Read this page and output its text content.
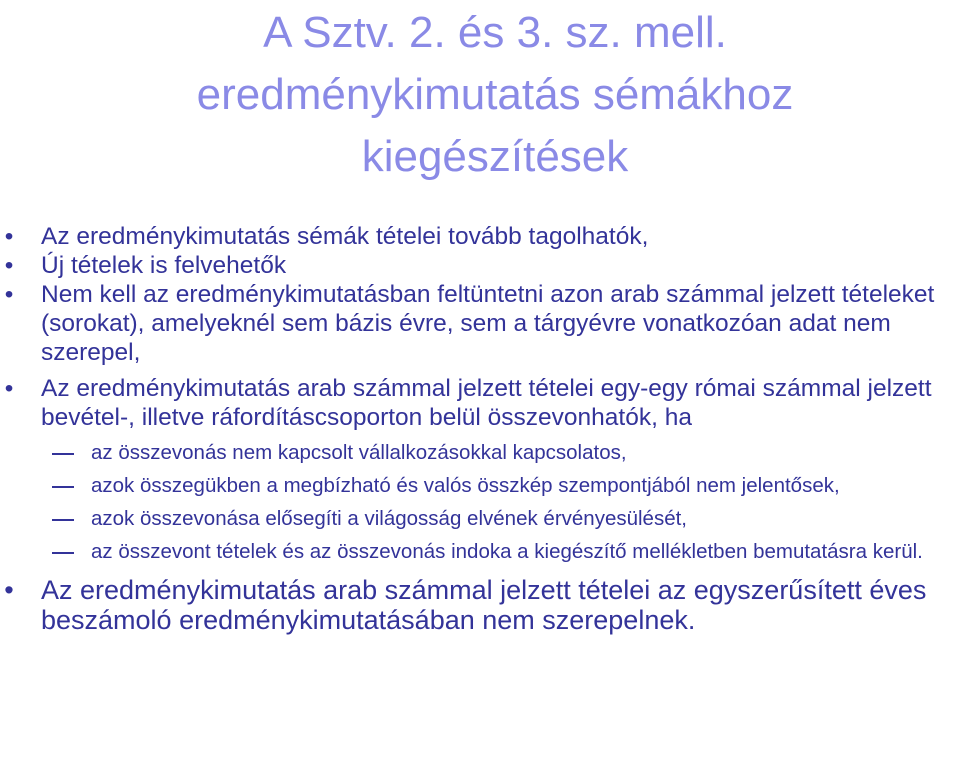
A Sztv. 2. és 3. sz. mell.
eredménykimutatás sémákhoz
kiegészítések
• Az eredménykimutatás sémák tételei tovább tagolhatók,
• Új tételek is felvehetők
• Nem kell az eredménykimutatásban feltüntetni azon arab számmal jelzett tételeket (sorokat), amelyeknél sem bázis évre, sem a tárgyévre vonatkozóan adat nem szerepel,
• Az eredménykimutatás arab számmal jelzett tételei egy-egy római számmal jelzett bevétel-, illetve ráfordításcsoporton belül összevonhatók, ha
az összevonás nem kapcsolt vállalkozásokkal kapcsolatos,
azok összegükben a megbízható és valós összkép szempontjából nem jelentősek,
azok összevonása elősegíti a világosság elvének érvényesülését,
az összevont tételek és az összevonás indoka a kiegészítő mellékletben bemutatásra kerül.
• Az eredménykimutatás arab számmal jelzett tételei az egyszerűsített éves beszámoló eredménykimutatásában nem szerepelnek.
